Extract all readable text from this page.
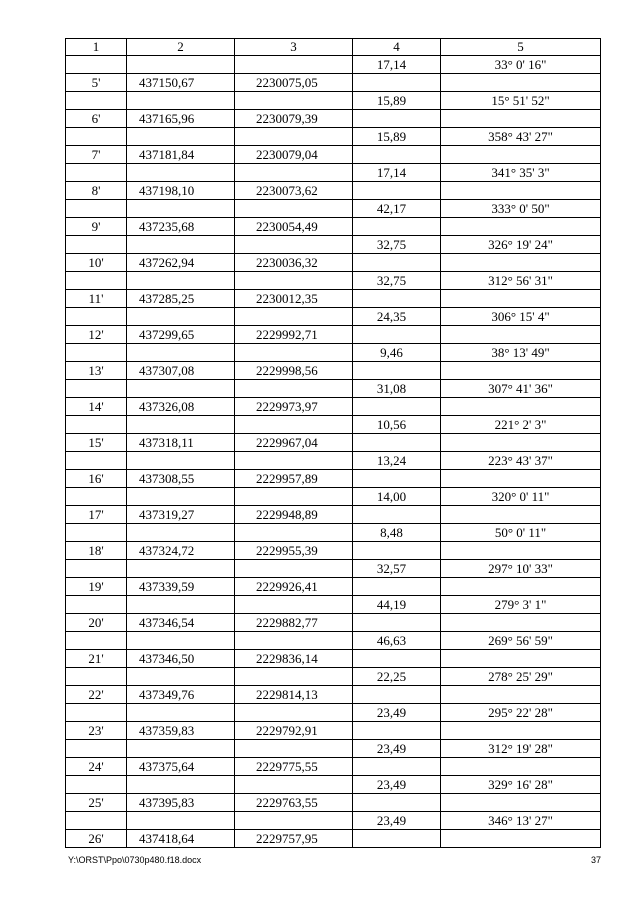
1	2	3	4	5
			17,14	33° 0' 16"
5'	437150,67	2230075,05		
			15,89	15° 51' 52"
6'	437165,96	2230079,39		
			15,89	358° 43' 27"
7'	437181,84	2230079,04		
			17,14	341° 35' 3"
8'	437198,10	2230073,62		
			42,17	333° 0' 50"
9'	437235,68	2230054,49		
			32,75	326° 19' 24"
10'	437262,94	2230036,32		
			32,75	312° 56' 31"
11'	437285,25	2230012,35		
			24,35	306° 15' 4"
12'	437299,65	2229992,71		
			9,46	38° 13' 49"
13'	437307,08	2229998,56		
			31,08	307° 41' 36"
14'	437326,08	2229973,97		
			10,56	221° 2' 3"
15'	437318,11	2229967,04		
			13,24	223° 43' 37"
16'	437308,55	2229957,89		
			14,00	320° 0' 11"
17'	437319,27	2229948,89		
			8,48	50° 0' 11"
18'	437324,72	2229955,39		
			32,57	297° 10' 33"
19'	437339,59	2229926,41		
			44,19	279° 3' 1"
20'	437346,54	2229882,77		
			46,63	269° 56' 59"
21'	437346,50	2229836,14		
			22,25	278° 25' 29"
22'	437349,76	2229814,13		
			23,49	295° 22' 28"
23'	437359,83	2229792,91		
			23,49	312° 19' 28"
24'	437375,64	2229775,55		
			23,49	329° 16' 28"
25'	437395,83	2229763,55		
			23,49	346° 13' 27"
26'	437418,64	2229757,95		
Y:\ORST\Ppo\0730p480.f18.docx	37
